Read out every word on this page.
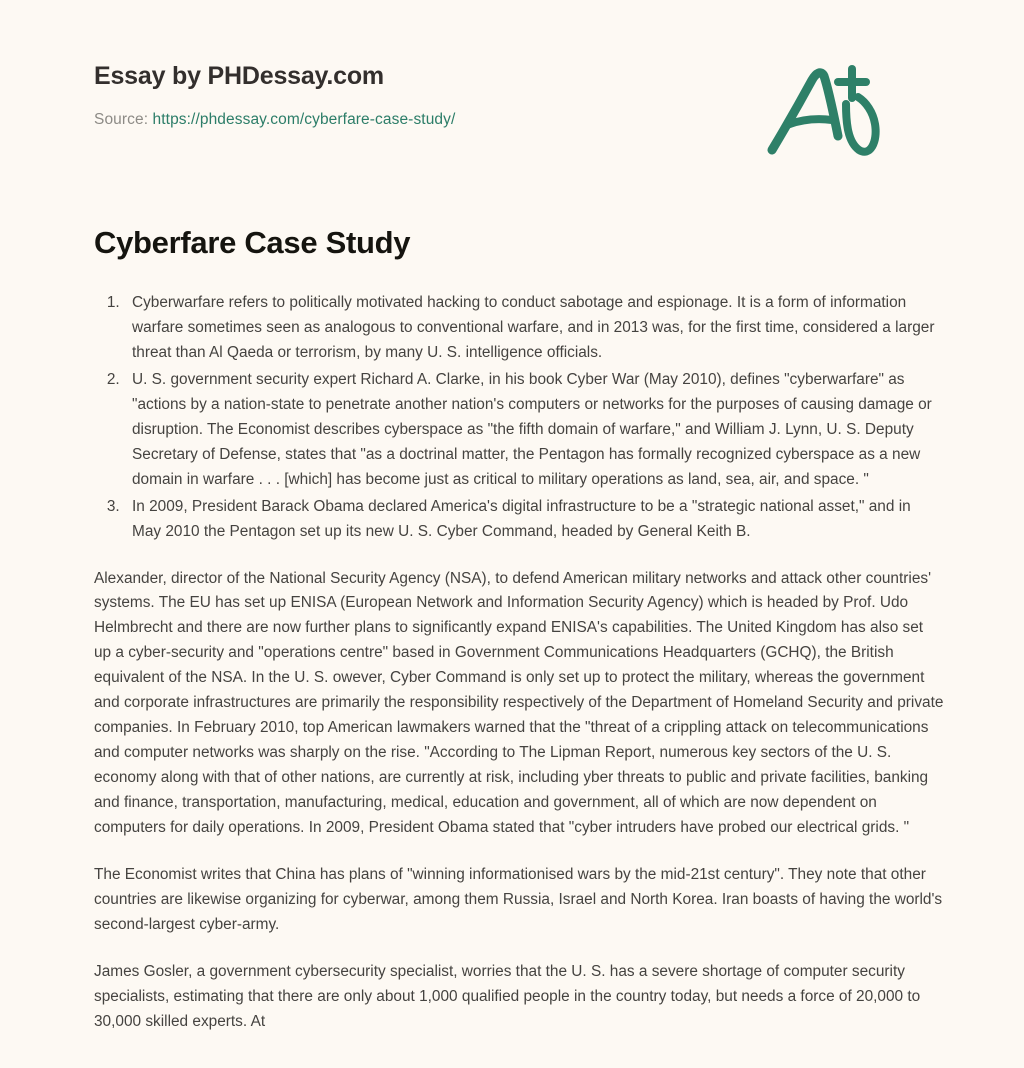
Essay by PHDessay.com
Source: https://phdessay.com/cyberfare-case-study/
Cyberfare Case Study
1. Cyberwarfare refers to politically motivated hacking to conduct sabotage and espionage. It is a form of information warfare sometimes seen as analogous to conventional warfare, and in 2013 was, for the first time, considered a larger threat than Al Qaeda or terrorism, by many U. S. intelligence officials.
2. U. S. government security expert Richard A. Clarke, in his book Cyber War (May 2010), defines "cyberwarfare" as "actions by a nation-state to penetrate another nation's computers or networks for the purposes of causing damage or disruption. The Economist describes cyberspace as "the fifth domain of warfare," and William J. Lynn, U. S. Deputy Secretary of Defense, states that "as a doctrinal matter, the Pentagon has formally recognized cyberspace as a new domain in warfare . . . [which] has become just as critical to military operations as land, sea, air, and space. "
3. In 2009, President Barack Obama declared America's digital infrastructure to be a "strategic national asset," and in May 2010 the Pentagon set up its new U. S. Cyber Command, headed by General Keith B.

Alexander, director of the National Security Agency (NSA), to defend American military networks and attack other countries' systems. The EU has set up ENISA (European Network and Information Security Agency) which is headed by Prof. Udo Helmbrecht and there are now further plans to significantly expand ENISA's capabilities. The United Kingdom has also set up a cyber-security and "operations centre" based in Government Communications Headquarters (GCHQ), the British equivalent of the NSA. In the U. S. owever, Cyber Command is only set up to protect the military, whereas the government and corporate infrastructures are primarily the responsibility respectively of the Department of Homeland Security and private companies. In February 2010, top American lawmakers warned that the "threat of a crippling attack on telecommunications and computer networks was sharply on the rise. "According to The Lipman Report, numerous key sectors of the U. S. economy along with that of other nations, are currently at risk, including yber threats to public and private facilities, banking and finance, transportation, manufacturing, medical, education and government, all of which are now dependent on computers for daily operations. In 2009, President Obama stated that "cyber intruders have probed our electrical grids. "

The Economist writes that China has plans of "winning informationised wars by the mid-21st century". They note that other countries are likewise organizing for cyberwar, among them Russia, Israel and North Korea. Iran boasts of having the world's second-largest cyber-army.

James Gosler, a government cybersecurity specialist, worries that the U. S. has a severe shortage of computer security specialists, estimating that there are only about 1,000 qualified people in the country today, but needs a force of 20,000 to 30,000 skilled experts. At
